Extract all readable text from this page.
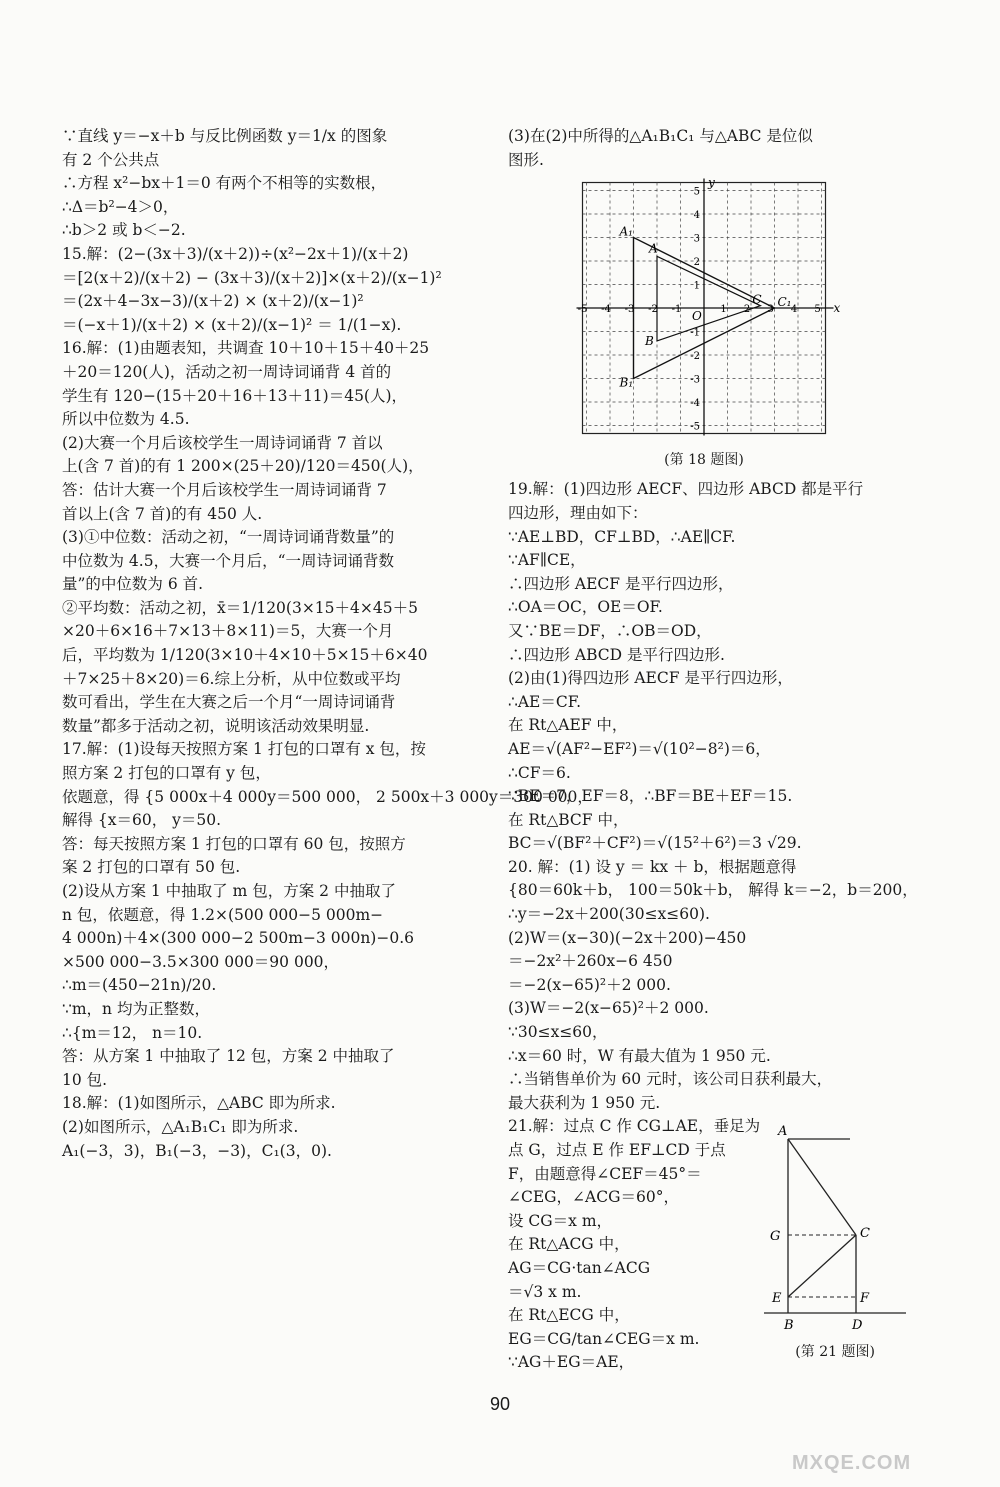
∵直线 y＝−x＋b 与反比例函数 y＝1/x 的图象
有 2 个公共点
∴方程 x²−bx＋1＝0 有两个不相等的实数根，
∴Δ＝b²−4＞0，
∴b＞2 或 b＜−2.
15.解：(2−(3x＋3)/(x＋2))÷(x²−2x＋1)/(x＋2)
＝[2(x＋2)/(x＋2) − (3x＋3)/(x＋2)]×(x＋2)/(x−1)²
＝(2x＋4−3x−3)/(x＋2) × (x＋2)/(x−1)²
＝(−x＋1)/(x＋2) × (x＋2)/(x−1)² ＝ 1/(1−x).
16.解：(1)由题表知，共调查 10＋10＋15＋40＋25
＋20＝120(人)，活动之初一周诗词诵背 4 首的
学生有 120−(15＋20＋16＋13＋11)＝45(人)，
所以中位数为 4.5.
(2)大赛一个月后该校学生一周诗词诵背 7 首以
上(含 7 首)的有 1 200×(25＋20)/120＝450(人)，
答：估计大赛一个月后该校学生一周诗词诵背 7
首以上(含 7 首)的有 450 人.
(3)①中位数：活动之初，“一周诗词诵背数量”的
中位数为 4.5，大赛一个月后，“一周诗词诵背数
量”的中位数为 6 首.
②平均数：活动之初，x̄＝1/120(3×15＋4×45＋5
×20＋6×16＋7×13＋8×11)＝5，大赛一个月
后，平均数为 1/120(3×10＋4×10＋5×15＋6×40
＋7×25＋8×20)＝6.综上分析，从中位数或平均
数可看出，学生在大赛之后一个月“一周诗词诵背
数量”都多于活动之初，说明该活动效果明显.
17.解：(1)设每天按照方案 1 打包的口罩有 x 包，按
照方案 2 打包的口罩有 y 包，
依题意，得 {5 000x＋4 000y＝500 000， 2 500x＋3 000y＝300 000，
解得 {x＝60， y＝50.
答：每天按照方案 1 打包的口罩有 60 包，按照方
案 2 打包的口罩有 50 包.
(2)设从方案 1 中抽取了 m 包，方案 2 中抽取了
n 包，依题意，得 1.2×(500 000−5 000m−
4 000n)＋4×(300 000−2 500m−3 000n)−0.6
×500 000−3.5×300 000＝90 000，
∴m＝(450−21n)/20.
∵m，n 均为正整数，
∴{m＝12， n＝10.
答：从方案 1 中抽取了 12 包，方案 2 中抽取了
10 包.
18.解：(1)如图所示，△ABC 即为所求.
(2)如图所示，△A₁B₁C₁ 即为所求.
A₁(−3，3)，B₁(−3，−3)，C₁(3，0).
(3)在(2)中所得的△A₁B₁C₁ 与△ABC 是位似
图形.
-5 -4 -3 -2 -1	1 2 3 4 5
5
4
3
2
1
-1
-2
-3
-4
-5
x
y
O
A₁
A
C C₁
B
B₁
(第 18 题图)
19.解：(1)四边形 AECF、四边形 ABCD 都是平行
四边形，理由如下：
∵AE⊥BD，CF⊥BD，∴AE∥CF.
∵AF∥CE，
∴四边形 AECF 是平行四边形，
∴OA＝OC，OE＝OF.
又∵BE＝DF，∴OB＝OD，
∴四边形 ABCD 是平行四边形.
(2)由(1)得四边形 AECF 是平行四边形，
∴AE＝CF.
在 Rt△AEF 中，
AE＝√(AF²−EF²)＝√(10²−8²)＝6，
∴CF＝6.
∵BE＝7，EF＝8，∴BF＝BE＋EF＝15.
在 Rt△BCF 中，
BC＝√(BF²＋CF²)＝√(15²＋6²)＝3 √29.
20. 解：(1) 设 y ＝ kx ＋ b，根据题意得
{80＝60k＋b， 100＝50k＋b， 解得 k＝−2，b＝200，
∴y＝−2x＋200(30≤x≤60).
(2)W＝(x−30)(−2x＋200)−450
＝−2x²＋260x−6 450
＝−2(x−65)²＋2 000.
(3)W＝−2(x−65)²＋2 000.
∵30≤x≤60，
∴x＝60 时，W 有最大值为 1 950 元.
∴当销售单价为 60 元时，该公司日获利最大，
最大获利为 1 950 元.
21.解：过点 C 作 CG⊥AE，垂足为
点 G，过点 E 作 EF⊥CD 于点
F，由题意得∠CEF＝45°＝
∠CEG，∠ACG＝60°，
设 CG＝x m，
在 Rt△ACG 中，
AG＝CG·tan∠ACG
＝√3 x m.
在 Rt△ECG 中，
EG＝CG/tan∠CEG＝x m.
∵AG＋EG＝AE，
A
G	C
E	F
B	D
(第 21 题图)
90
MXQE.COM
